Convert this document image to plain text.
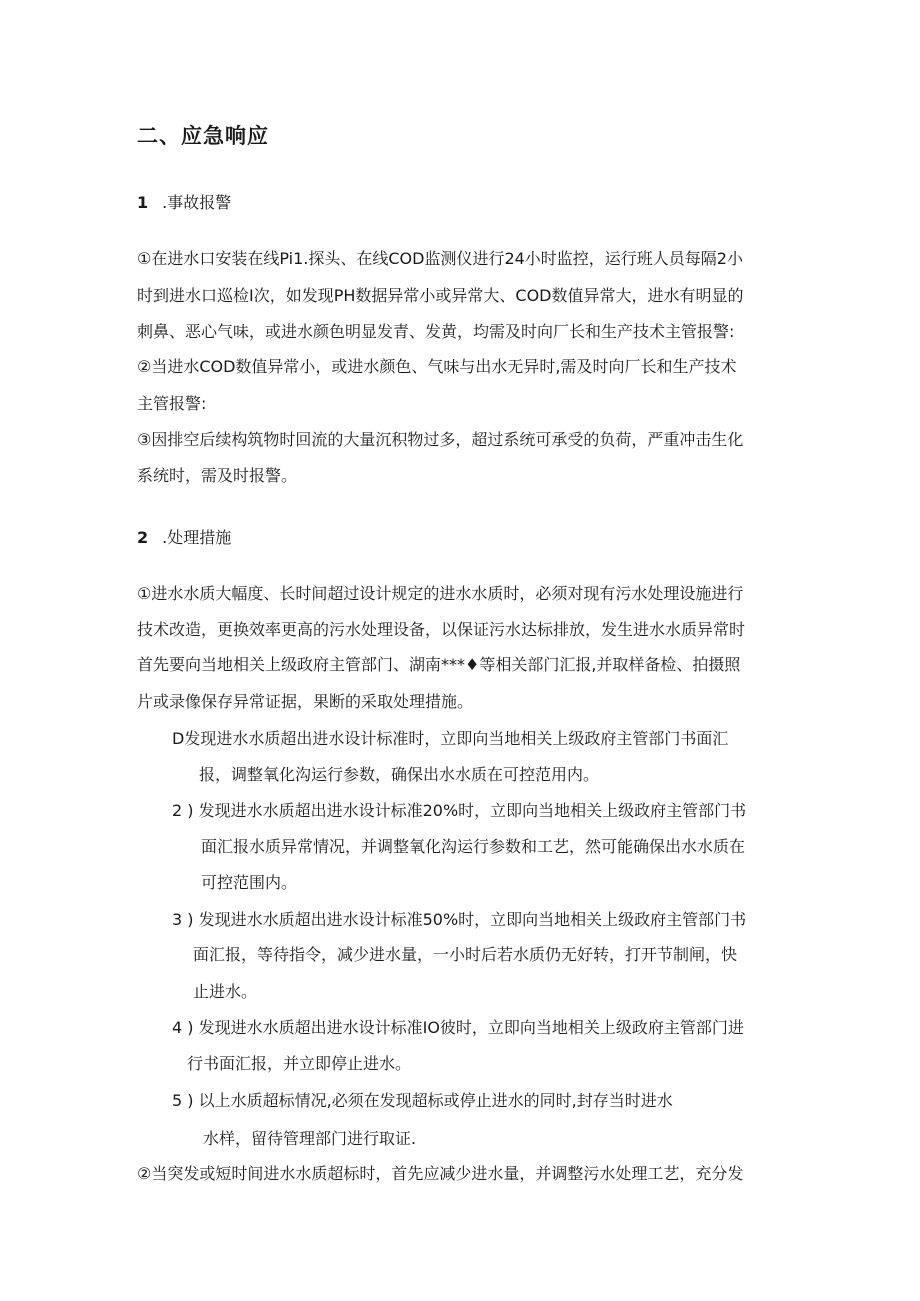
二、应急响应
1 .事故报警
①在进水口安装在线Pi1.探头、在线COD监测仪进行24小时监控，运行班人员每隔2小
时到进水口巡检I次，如发现PH数据异常小或异常大、COD数值异常大，进水有明显的
刺鼻、恶心气味，或进水颜色明显发青、发黄，均需及时向厂长和生产技术主管报警:
②当进水COD数值异常小，或进水颜色、气味与出水无异时,需及时向厂长和生产技术
主管报警:
③因排空后续构筑物时回流的大量沉积物过多，超过系统可承受的负荷，严重冲击生化
系统时，需及时报警。
2 .处理措施
①进水水质大幅度、长时间超过设计规定的进水水质时，必须对现有污水处理设施进行
技术改造，更换效率更高的污水处理设备，以保证污水达标排放，发生进水水质异常时
首先要向当地相关上级政府主管部门、湖南***♦等相关部门汇报,并取样备检、拍摄照
片或录像保存异常证据，果断的采取处理措施。
D发现进水水质超出进水设计标准时，立即向当地相关上级政府主管部门书面汇
报，调整氧化沟运行参数，确保出水水质在可控范用内。
2 ) 发现进水水质超出进水设计标准20%时，立即向当地相关上级政府主管部门书
面汇报水质异常情况，并调整氧化沟运行参数和工艺，然可能确保出水水质在
可控范围内。
3 ) 发现进水水质超出进水设计标准50%时，立即向当地相关上级政府主管部门书
面汇报，等待指令，减少进水量，一小时后若水质仍无好转，打开节制闸，快
止进水。
4 ) 发现进水水质超出进水设计标准IO彼时，立即向当地相关上级政府主管部门进
行书面汇报，并立即停止进水。
5 ) 以上水质超标情况,必须在发现超标或停止进水的同时,封存当时进水
水样，留待管理部门进行取证.
②当突发或短时间进水水质超标时，首先应减少进水量，并调整污水处理工艺，充分发
